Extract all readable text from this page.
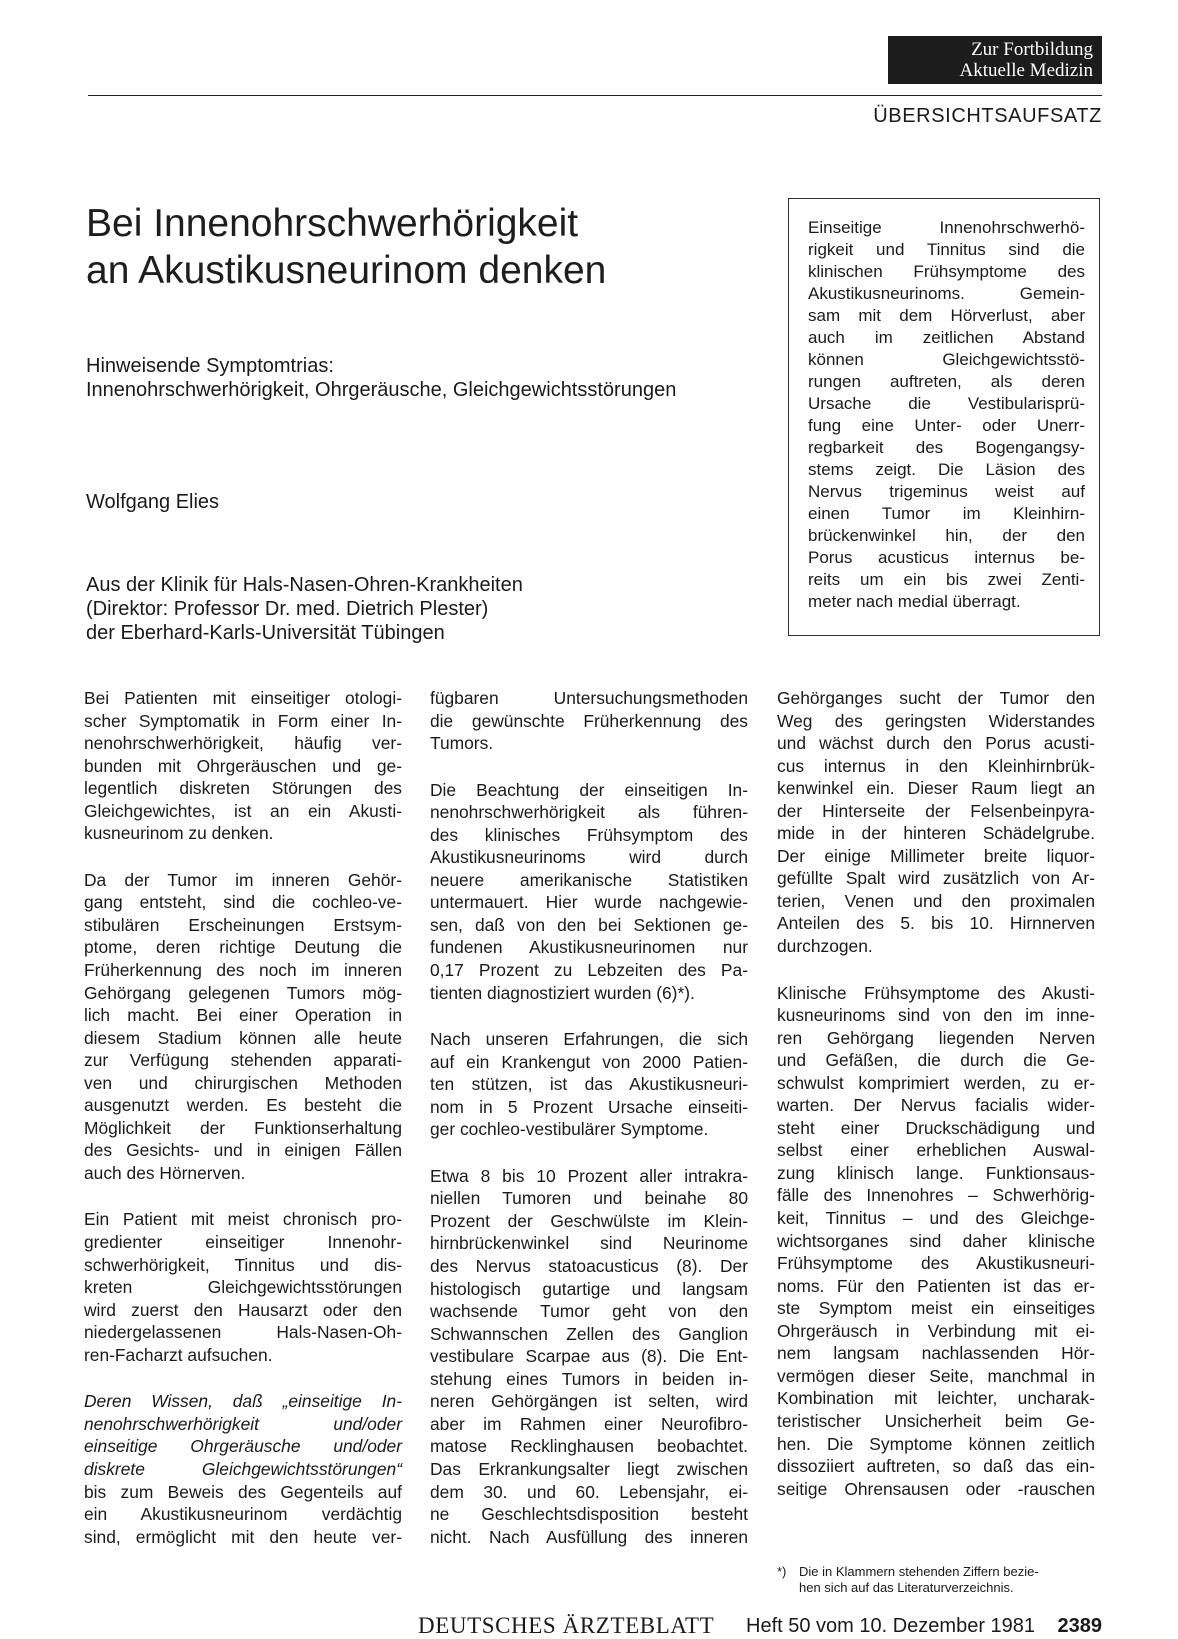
Zur Fortbildung
Aktuelle Medizin
ÜBERSICHTSAUFSATZ
Bei Innenohrschwerhörigkeit
an Akustikusneurinom denken
Hinweisende Symptomtrias:
Innenohrschwerhörigkeit, Ohrgeräusche, Gleichgewichtsstörungen
Wolfgang Elies
Aus der Klinik für Hals-Nasen-Ohren-Krankheiten
(Direktor: Professor Dr. med. Dietrich Plester)
der Eberhard-Karls-Universität Tübingen
Einseitige Innenohrschwerhö-
rigkeit und Tinnitus sind die
klinischen Frühsymptome des
Akustikusneurinoms. Gemein-
sam mit dem Hörverlust, aber
auch im zeitlichen Abstand
können Gleichgewichtsstö-
rungen auftreten, als deren
Ursache die Vestibularisprü-
fung eine Unter- oder Unerr-
regbarkeit des Bogengangsy-
stems zeigt. Die Läsion des
Nervus trigeminus weist auf
einen Tumor im Kleinhirn-
brückenwinkel hin, der den
Porus acusticus internus be-
reits um ein bis zwei Zenti-
meter nach medial überragt.
Bei Patienten mit einseitiger otologi-
scher Symptomatik in Form einer In-
nenohrschwerhörigkeit, häufig ver-
bunden mit Ohrgeräuschen und ge-
legentlich diskreten Störungen des
Gleichgewichtes, ist an ein Akusti-
kusneurinom zu denken.
Da der Tumor im inneren Gehör-
gang entsteht, sind die cochleo-ve-
stibulären Erscheinungen Erstsym-
ptome, deren richtige Deutung die
Früherkennung des noch im inneren
Gehörgang gelegenen Tumors mög-
lich macht. Bei einer Operation in
diesem Stadium können alle heute
zur Verfügung stehenden apparati-
ven und chirurgischen Methoden
ausgenutzt werden. Es besteht die
Möglichkeit der Funktionserhaltung
des Gesichts- und in einigen Fällen
auch des Hörnerven.
Ein Patient mit meist chronisch pro-
gredienter einseitiger Innenohr-
schwerhörigkeit, Tinnitus und dis-
kreten Gleichgewichtsstörungen
wird zuerst den Hausarzt oder den
niedergelassenen Hals-Nasen-Oh-
ren-Facharzt aufsuchen.
Deren Wissen, daß „einseitige In-
nenohrschwerhörigkeit und/oder
einseitige Ohrgeräusche und/oder
diskrete Gleichgewichtsstörungen“
bis zum Beweis des Gegenteils auf
ein Akustikusneurinom verdächtig
sind, ermöglicht mit den heute ver-
fügbaren Untersuchungsmethoden
die gewünschte Früherkennung des
Tumors.
Die Beachtung der einseitigen In-
nenohrschwerhörigkeit als führen-
des klinisches Frühsymptom des
Akustikusneurinoms wird durch
neuere amerikanische Statistiken
untermauert. Hier wurde nachgewie-
sen, daß von den bei Sektionen ge-
fundenen Akustikusneurinomen nur
0,17 Prozent zu Lebzeiten des Pa-
tienten diagnostiziert wurden (6)*).
Nach unseren Erfahrungen, die sich
auf ein Krankengut von 2000 Patien-
ten stützen, ist das Akustikusneuri-
nom in 5 Prozent Ursache einseiti-
ger cochleo-vestibulärer Symptome.
Etwa 8 bis 10 Prozent aller intrakra-
niellen Tumoren und beinahe 80
Prozent der Geschwülste im Klein-
hirnbrückenwinkel sind Neurinome
des Nervus statoacusticus (8). Der
histologisch gutartige und langsam
wachsende Tumor geht von den
Schwannschen Zellen des Ganglion
vestibulare Scarpae aus (8). Die Ent-
stehung eines Tumors in beiden in-
neren Gehörgängen ist selten, wird
aber im Rahmen einer Neurofibro-
matose Recklinghausen beobachtet.
Das Erkrankungsalter liegt zwischen
dem 30. und 60. Lebensjahr, ei-
ne Geschlechtsdisposition besteht
nicht. Nach Ausfüllung des inneren
Gehörganges sucht der Tumor den
Weg des geringsten Widerstandes
und wächst durch den Porus acusti-
cus internus in den Kleinhirnbrük-
kenwinkel ein. Dieser Raum liegt an
der Hinterseite der Felsenbeinpyra-
mide in der hinteren Schädelgrube.
Der einige Millimeter breite liquor-
gefüllte Spalt wird zusätzlich von Ar-
terien, Venen und den proximalen
Anteilen des 5. bis 10. Hirnnerven
durchzogen.
Klinische Frühsymptome des Akusti-
kusneurinoms sind von den im inne-
ren Gehörgang liegenden Nerven
und Gefäßen, die durch die Ge-
schwulst komprimiert werden, zu er-
warten. Der Nervus facialis wider-
steht einer Druckschädigung und
selbst einer erheblichen Auswal-
zung klinisch lange. Funktionsaus-
fälle des Innenohres – Schwerhörig-
keit, Tinnitus – und des Gleichge-
wichtsorganes sind daher klinische
Frühsymptome des Akustikusneuri-
noms. Für den Patienten ist das er-
ste Symptom meist ein einseitiges
Ohrgeräusch in Verbindung mit ei-
nem langsam nachlassenden Hör-
vermögen dieser Seite, manchmal in
Kombination mit leichter, uncharak-
teristischer Unsicherheit beim Ge-
hen. Die Symptome können zeitlich
dissoziiert auftreten, so daß das ein-
seitige Ohrensausen oder -rauschen
*) Die in Klammern stehenden Ziffern bezie-
hen sich auf das Literaturverzeichnis.
DEUTSCHES ÄRZTEBLATT Heft 50 vom 10. Dezember 1981 2389
